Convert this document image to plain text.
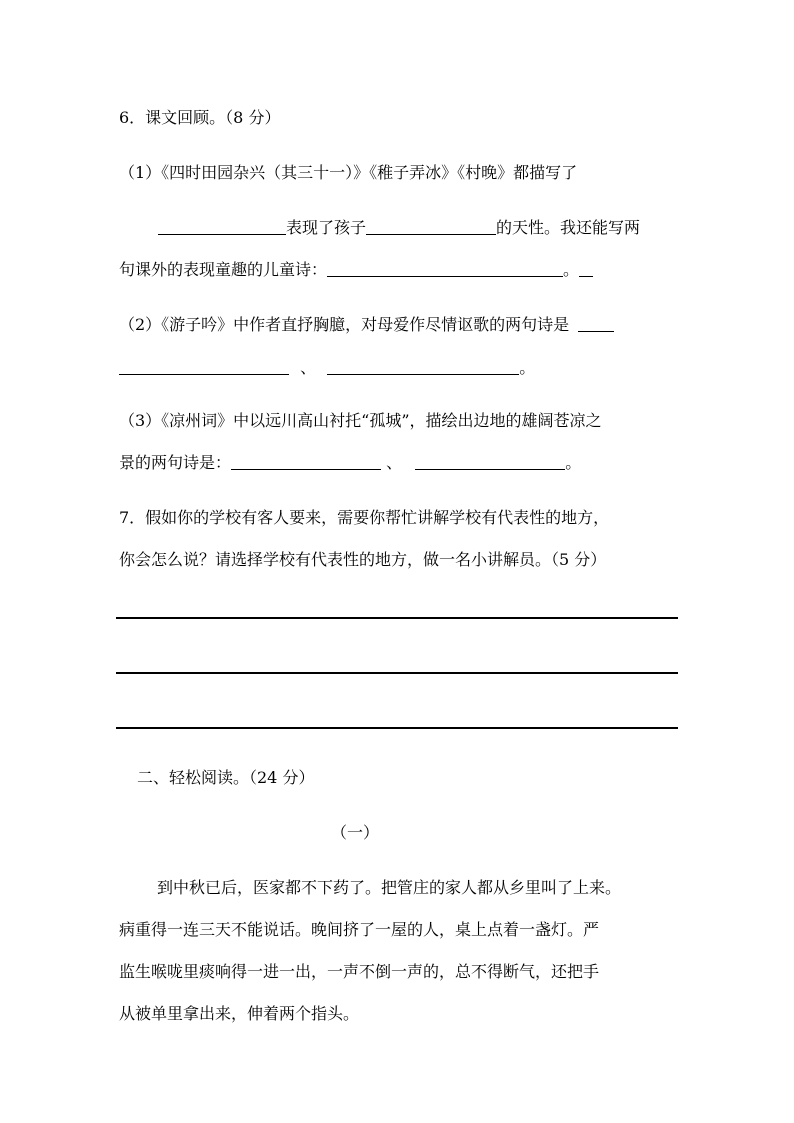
6．课文回顾。（8 分）
（1）《四时田园杂兴（其三十一）》《稚子弄冰》《村晚》都描写了
表现了孩子	的天性。我还能写两
句课外的表现童趣的儿童诗：	。
（2）《游子吟》中作者直抒胸臆，对母爱作尽情讴歌的两句诗是
、	。
（3）《凉州词》中以远川高山衬托“孤城”，描绘出边地的雄阔苍凉之
景的两句诗是：	、	。
7．假如你的学校有客人要来，需要你帮忙讲解学校有代表性的地方，
你会怎么说？请选择学校有代表性的地方，做一名小讲解员。（5 分）
二、轻松阅读。（24 分）
（一）
到中秋已后，医家都不下药了。把管庄的家人都从乡里叫了上来。
病重得一连三天不能说话。晚间挤了一屋的人，桌上点着一盏灯。严
监生喉咙里痰响得一进一出，一声不倒一声的，总不得断气，还把手
从被单里拿出来，伸着两个指头。
